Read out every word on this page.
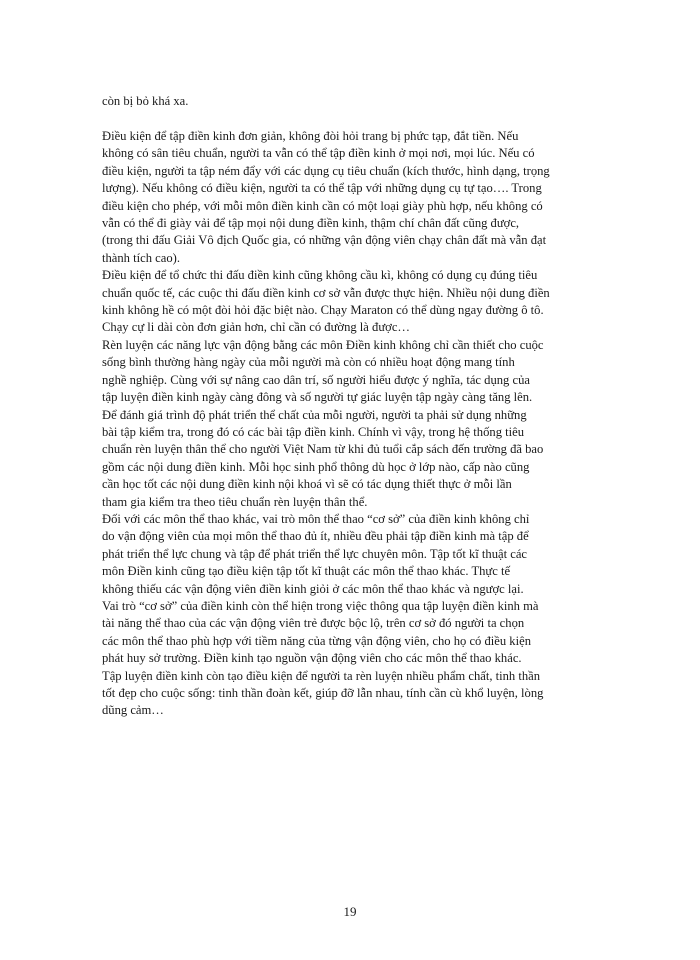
còn bị bỏ khá xa.
Điều kiện để tập điền kinh đơn giản, không đòi hỏi trang bị phức tạp, đắt tiền. Nếu
không có sân tiêu chuẩn, người ta vẫn có thể tập điền kinh ở mọi nơi, mọi lúc. Nếu có
điều kiện, người ta tập ném đẩy với các dụng cụ tiêu chuẩn (kích thước, hình dạng, trọng
lượng). Nếu không có điều kiện, người ta có thể tập với những dụng cụ tự tạo…. Trong
điều kiện cho phép, với mỗi môn điền kinh cần có một loại giày phù hợp, nếu không có
vẫn có thể đi giày vải để tập mọi nội dung điền kinh, thậm chí chân đất cũng được,
(trong thi đấu Giải Vô địch Quốc gia, có những vận động viên chạy chân đất mà vẫn đạt
thành tích cao).
Điều kiện để tổ chức thi đấu điền kinh cũng không cầu kì, không có dụng cụ đúng tiêu
chuẩn quốc tế, các cuộc thi đấu điền kinh cơ sở vẫn được thực hiện. Nhiều nội dung điền
kinh không hề có một đòi hỏi đặc biệt nào. Chạy Maraton có thể dùng ngay đường ô tô.
Chạy cự li dài còn đơn giản hơn, chỉ cần có đường là được…
Rèn luyện các năng lực vận động bằng các môn Điền kinh không chỉ cần thiết cho cuộc
sống bình thường hàng ngày của mỗi người mà còn có nhiều hoạt động mang tính
nghề nghiệp. Cùng với sự nâng cao dân trí, số người hiểu được ý nghĩa, tác dụng của
tập luyện điền kinh ngày càng đông và số người tự giác luyện tập ngày càng tăng lên.
Để đánh giá trình độ phát triển thể chất của mỗi người, người ta phải sử dụng những
bài tập kiểm tra, trong đó có các bài tập điền kinh. Chính vì vậy, trong hệ thống tiêu
chuẩn rèn luyện thân thể cho người Việt Nam từ khi đủ tuổi cắp sách đến trường đã bao
gồm các nội dung điền kinh. Mỗi học sinh phổ thông dù học ở lớp nào, cấp nào cũng
cần học tốt các nội dung điền kinh nội khoá vì sẽ có tác dụng thiết thực ở mỗi lần
tham gia kiểm tra theo tiêu chuẩn rèn luyện thân thể.
Đối với các môn thể thao khác, vai trò môn thể thao “cơ sở” của điền kinh không chỉ
do vận động viên của mọi môn thể thao đủ ít, nhiều đều phải tập điền kinh mà tập để
phát triển thể lực chung và tập để phát triển thể lực chuyên môn. Tập tốt kĩ thuật các
môn Điền kinh cũng tạo điều kiện tập tốt kĩ thuật các môn thể thao khác. Thực tế
không thiếu các vận động viên điền kinh giỏi ở các môn thể thao khác và ngược lại.
Vai trò “cơ sở” của điền kinh còn thể hiện trong việc thông qua tập luyện điền kinh mà
tài năng thể thao của các vận động viên trẻ được bộc lộ, trên cơ sở đó người ta chọn
các môn thể thao phù hợp với tiềm năng của từng vận động viên, cho họ có điều kiện
phát huy sở trường. Điền kinh tạo nguồn vận động viên cho các môn thể thao khác.
Tập luyện điền kinh còn tạo điều kiện để người ta rèn luyện nhiều phẩm chất, tinh thần
tốt đẹp cho cuộc sống: tinh thần đoàn kết, giúp đỡ lẫn nhau, tính cần cù khổ luyện, lòng
dũng cảm…
19
